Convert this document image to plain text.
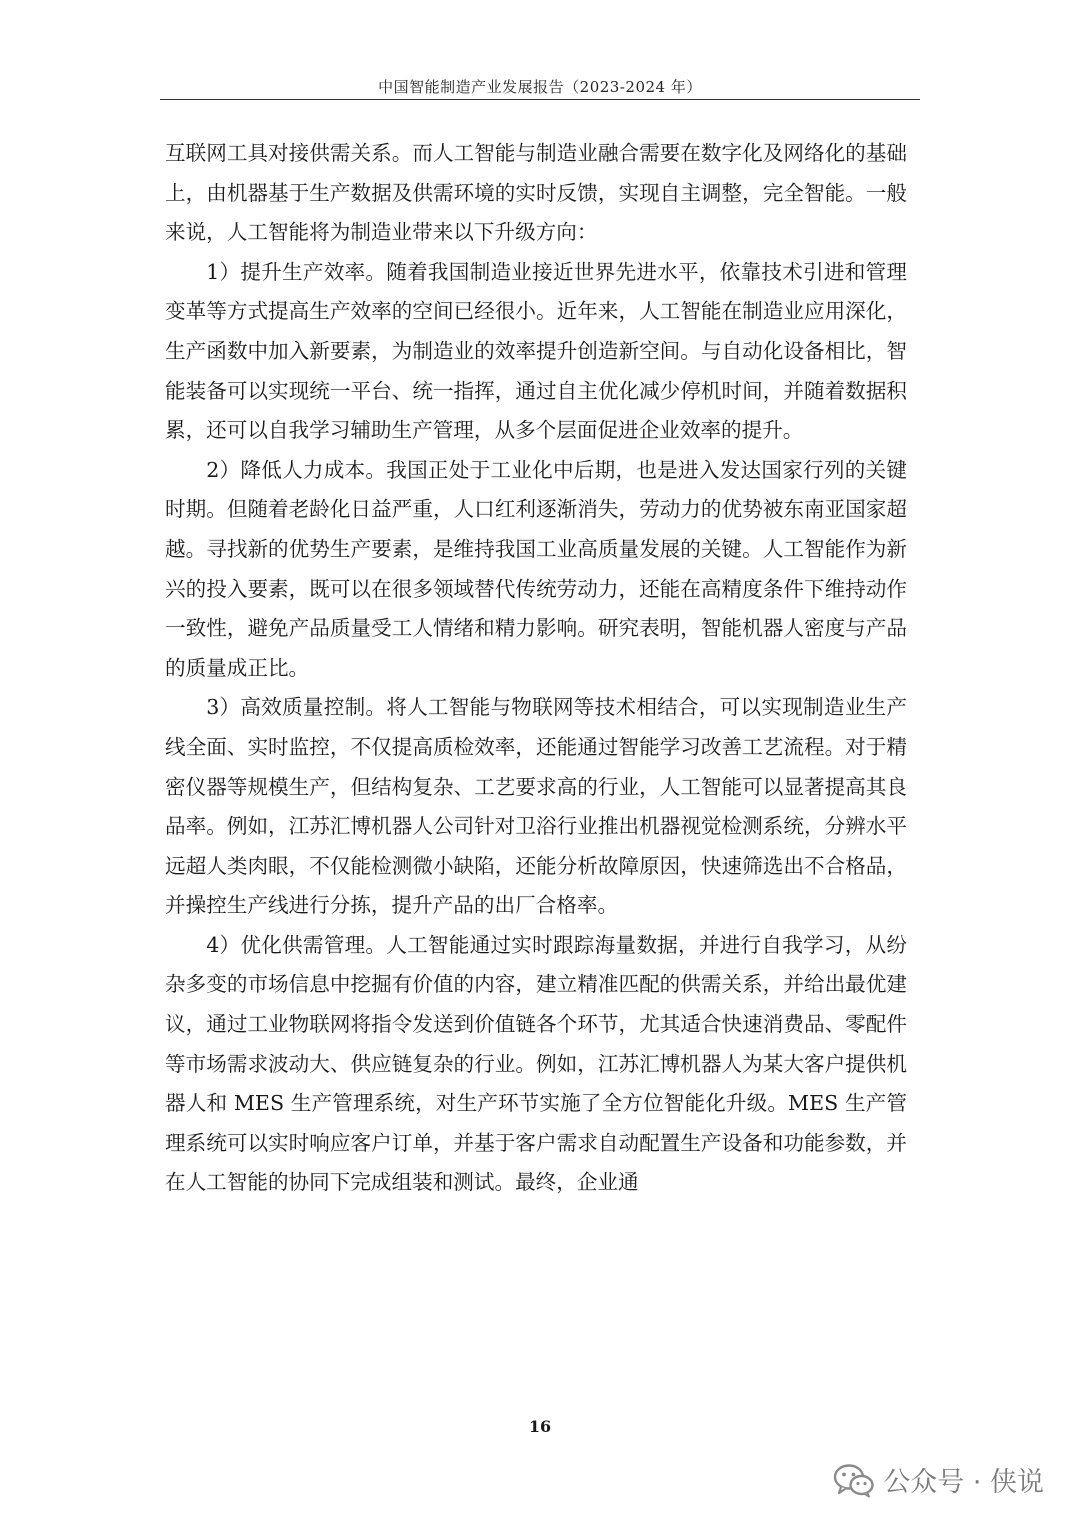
中国智能制造产业发展报告（2023-2024 年）

互联网工具对接供需关系。而人工智能与制造业融合需要在数字化及网络化的基础上，由机器基于生产数据及供需环境的实时反馈，实现自主调整，完全智能。一般来说，人工智能将为制造业带来以下升级方向：

1）提升生产效率。随着我国制造业接近世界先进水平，依靠技术引进和管理变革等方式提高生产效率的空间已经很小。近年来，人工智能在制造业应用深化，生产函数中加入新要素，为制造业的效率提升创造新空间。与自动化设备相比，智能装备可以实现统一平台、统一指挥，通过自主优化减少停机时间，并随着数据积累，还可以自我学习辅助生产管理，从多个层面促进企业效率的提升。

2）降低人力成本。我国正处于工业化中后期，也是进入发达国家行列的关键时期。但随着老龄化日益严重，人口红利逐渐消失，劳动力的优势被东南亚国家超越。寻找新的优势生产要素，是维持我国工业高质量发展的关键。人工智能作为新兴的投入要素，既可以在很多领域替代传统劳动力，还能在高精度条件下维持动作一致性，避免产品质量受工人情绪和精力影响。研究表明，智能机器人密度与产品的质量成正比。

3）高效质量控制。将人工智能与物联网等技术相结合，可以实现制造业生产线全面、实时监控，不仅提高质检效率，还能通过智能学习改善工艺流程。对于精密仪器等规模生产，但结构复杂、工艺要求高的行业，人工智能可以显著提高其良品率。例如，江苏汇博机器人公司针对卫浴行业推出机器视觉检测系统，分辨水平远超人类肉眼，不仅能检测微小缺陷，还能分析故障原因，快速筛选出不合格品，并操控生产线进行分拣，提升产品的出厂合格率。

4）优化供需管理。人工智能通过实时跟踪海量数据，并进行自我学习，从纷杂多变的市场信息中挖掘有价值的内容，建立精准匹配的供需关系，并给出最优建议，通过工业物联网将指令发送到价值链各个环节，尤其适合快速消费品、零配件等市场需求波动大、供应链复杂的行业。例如，江苏汇博机器人为某大客户提供机器人和 MES 生产管理系统，对生产环节实施了全方位智能化升级。MES 生产管理系统可以实时响应客户订单，并基于客户需求自动配置生产设备和功能参数，并在人工智能的协同下完成组装和测试。最终，企业通

16
公众号 · 侠说
